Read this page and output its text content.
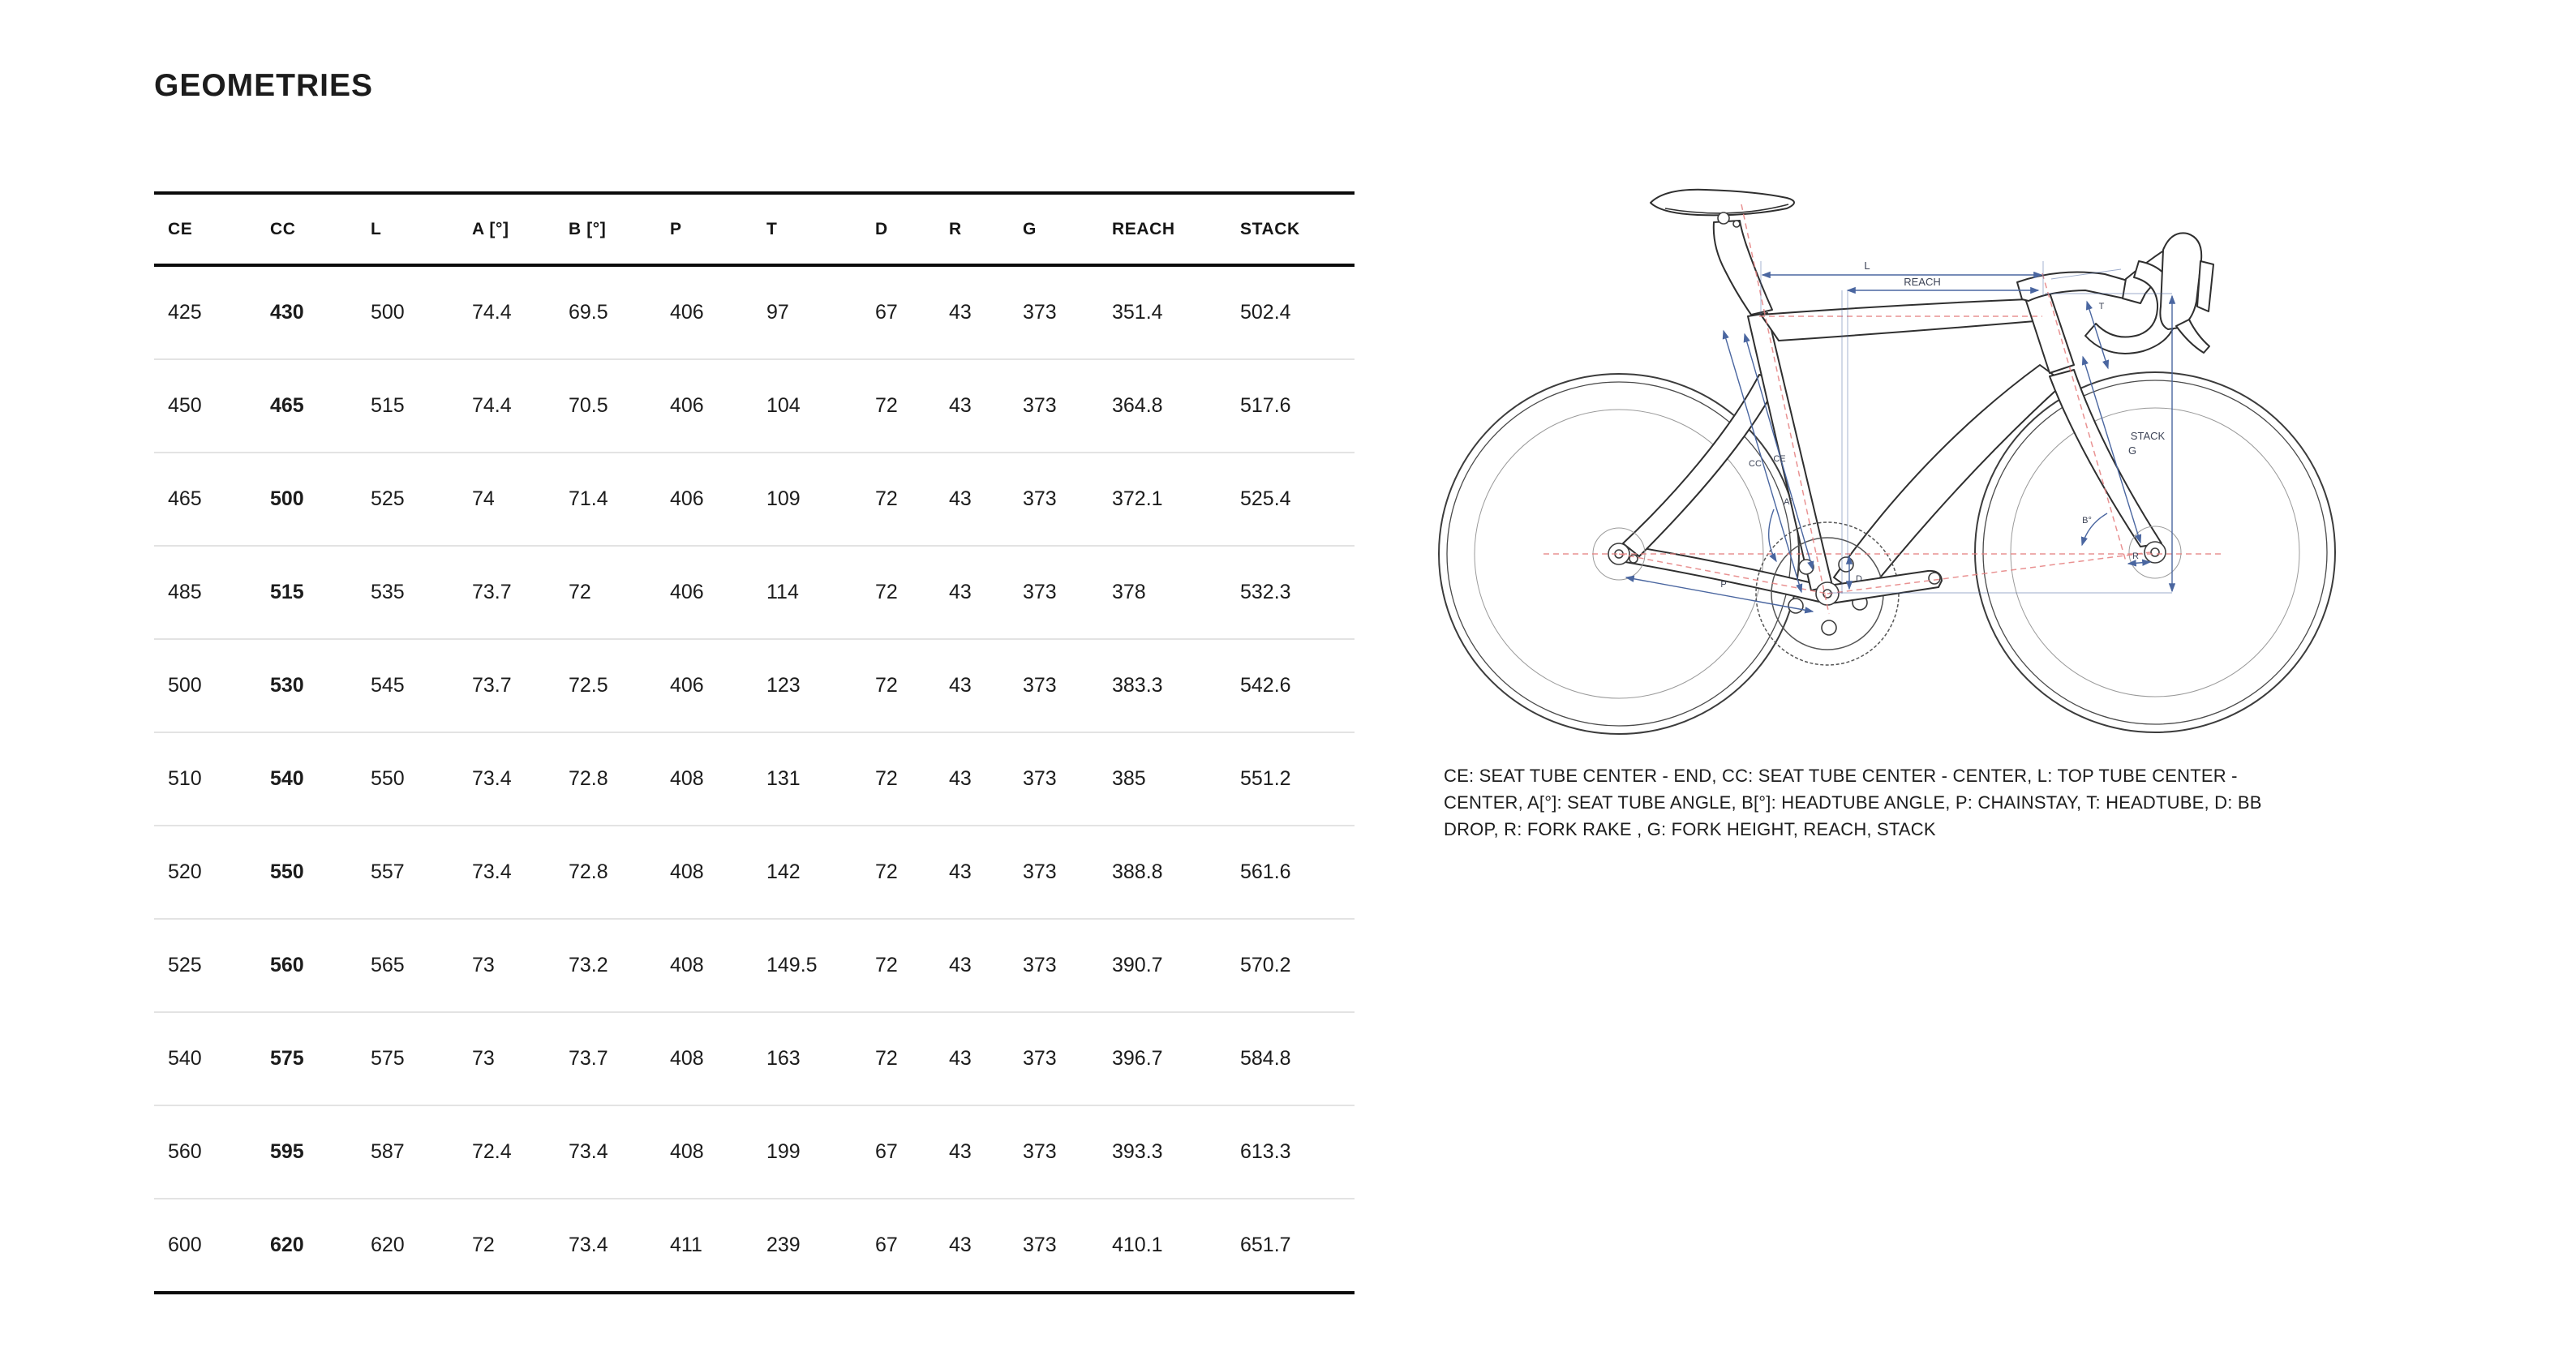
GEOMETRIES
CE	CC	L	A [°]	B [°]	P	T	D	R	G	REACH	STACK
425	430	500	74.4	69.5	406	97	67	43	373	351.4	502.4
450	465	515	74.4	70.5	406	104	72	43	373	364.8	517.6
465	500	525	74	71.4	406	109	72	43	373	372.1	525.4
485	515	535	73.7	72	406	114	72	43	373	378	532.3
500	530	545	73.7	72.5	406	123	72	43	373	383.3	542.6
510	540	550	73.4	72.8	408	131	72	43	373	385	551.2
520	550	557	73.4	72.8	408	142	72	43	373	388.8	561.6
525	560	565	73	73.2	408	149.5	72	43	373	390.7	570.2
540	575	575	73	73.7	408	163	72	43	373	396.7	584.8
560	595	587	72.4	73.4	408	199	67	43	373	393.3	613.3
600	620	620	72	73.4	411	239	67	43	373	410.1	651.7
L
REACH
STACK
G
T
CC CE
A°
B°
R
P
D
CE: SEAT TUBE CENTER - END, CC: SEAT TUBE CENTER - CENTER, L: TOP TUBE CENTER - CENTER, A[°]: SEAT TUBE ANGLE, B[°]: HEADTUBE ANGLE, P: CHAINSTAY, T: HEADTUBE, D: BB DROP, R: FORK RAKE , G: FORK HEIGHT, REACH, STACK
